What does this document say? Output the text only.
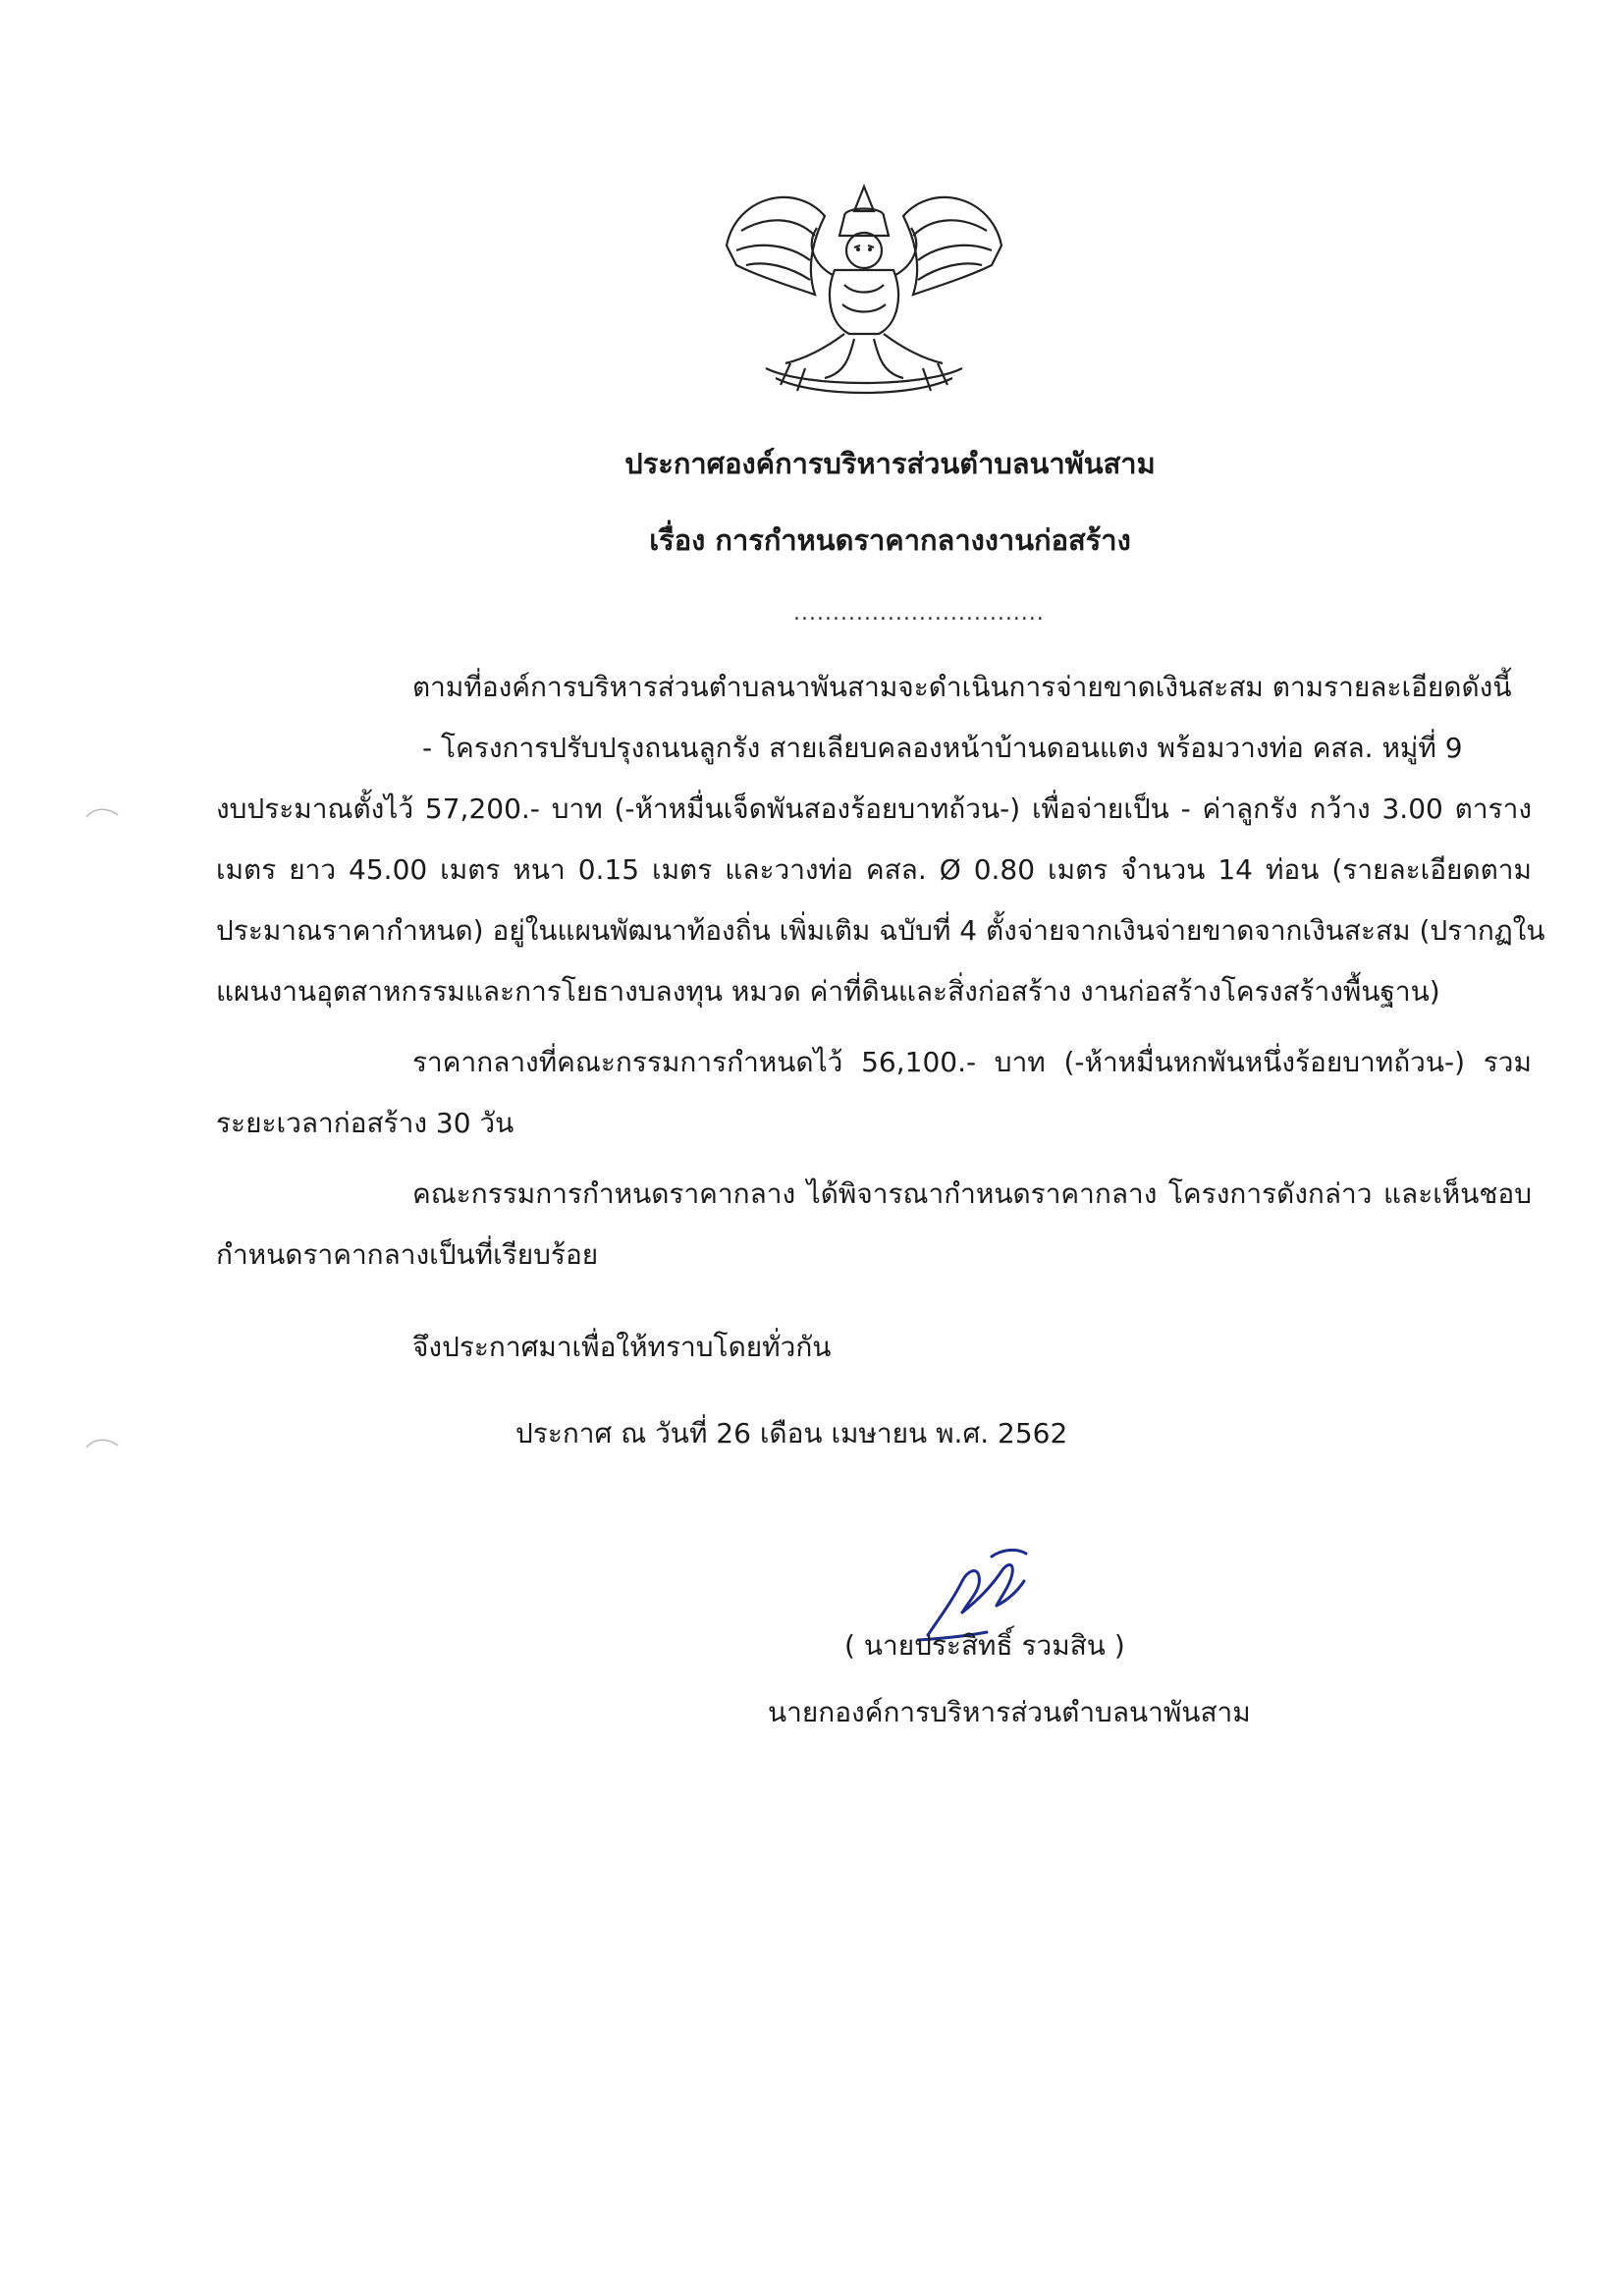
ประกาศองค์การบริหารส่วนตำบลนาพันสาม
เรื่อง การกำหนดราคากลางงานก่อสร้าง
................................
ตามที่องค์การบริหารส่วนตำบลนาพันสามจะดำเนินการจ่ายขาดเงินสะสม ตามรายละเอียดดังนี้
- โครงการปรับปรุงถนนลูกรัง สายเลียบคลองหน้าบ้านดอนแตง พร้อมวางท่อ คสล. หมู่ที่ 9
งบประมาณตั้งไว้ 57,200.- บาท (-ห้าหมื่นเจ็ดพันสองร้อยบาทถ้วน-) เพื่อจ่ายเป็น - ค่าลูกรัง กว้าง 3.00 ตาราง
เมตร ยาว 45.00 เมตร หนา 0.15 เมตร และวางท่อ คสล. Ø 0.80 เมตร จำนวน 14 ท่อน (รายละเอียดตาม
ประมาณราคากำหนด) อยู่ในแผนพัฒนาท้องถิ่น เพิ่มเติม ฉบับที่ 4 ตั้งจ่ายจากเงินจ่ายขาดจากเงินสะสม (ปรากฏใน
แผนงานอุตสาหกรรมและการโยธางบลงทุน หมวด ค่าที่ดินและสิ่งก่อสร้าง งานก่อสร้างโครงสร้างพื้นฐาน)
ราคากลางที่คณะกรรมการกำหนดไว้ 56,100.- บาท (-ห้าหมื่นหกพันหนึ่งร้อยบาทถ้วน-) รวม
ระยะเวลาก่อสร้าง 30 วัน
คณะกรรมการกำหนดราคากลาง ได้พิจารณากำหนดราคากลาง โครงการดังกล่าว และเห็นชอบ
กำหนดราคากลางเป็นที่เรียบร้อย
จึงประกาศมาเพื่อให้ทราบโดยทั่วกัน
ประกาศ ณ วันที่ 26 เดือน เมษายน พ.ศ. 2562
( นายประสิทธิ์ รวมสิน )
นายกองค์การบริหารส่วนตำบลนาพันสาม
